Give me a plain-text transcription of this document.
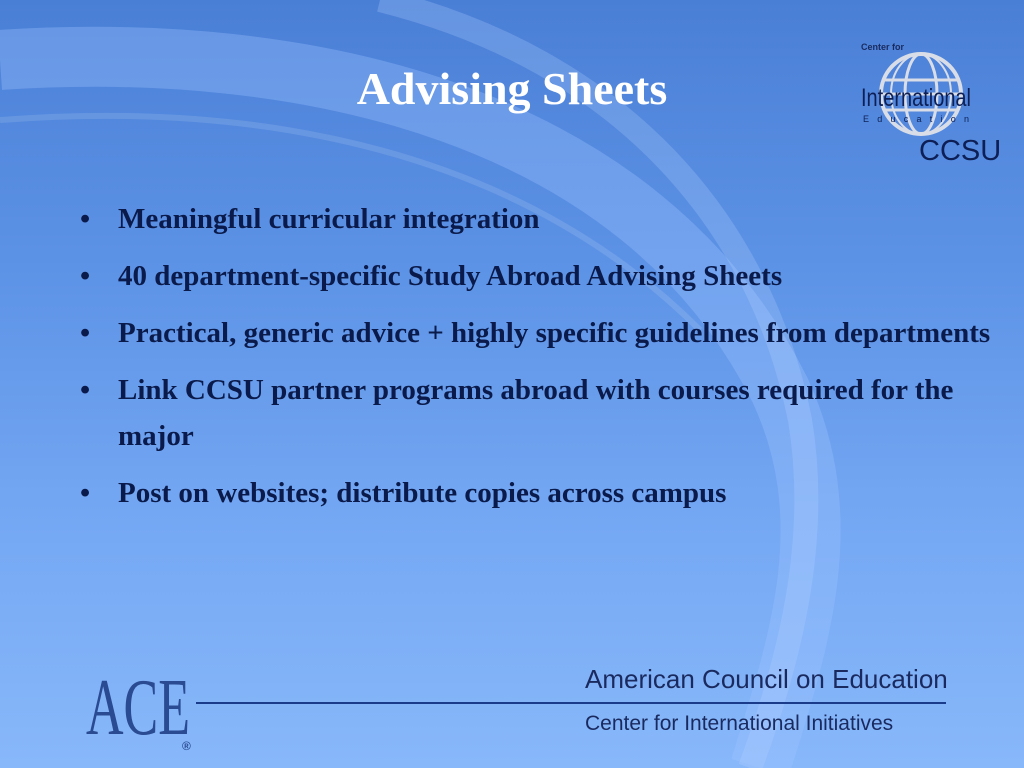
Advising Sheets
Center for
International
Education
CCSU
• Meaningful curricular integration
• 40 department-specific Study Abroad Advising Sheets
• Practical, generic advice + highly specific guidelines from departments
• Link CCSU partner programs abroad with courses required for the major
• Post on websites; distribute copies across campus
ACE
®
American Council on Education
Center for International Initiatives
